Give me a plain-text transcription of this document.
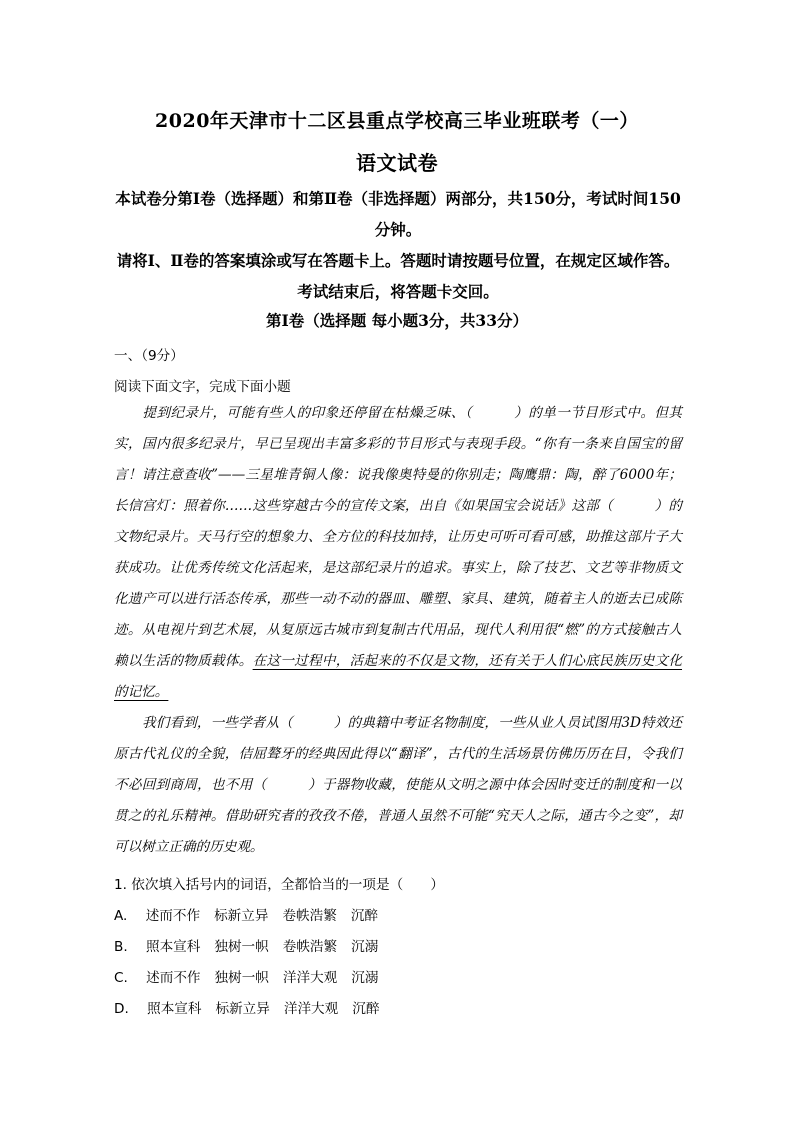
2020年天津市十二区县重点学校高三毕业班联考（一）
语文试卷
本试卷分第Ⅰ卷（选择题）和第Ⅱ卷（非选择题）两部分，共150分，考试时间150分钟。
请将Ⅰ、Ⅱ卷的答案填涂或写在答题卡上。答题时请按题号位置，在规定区域作答。考试结束后，将答题卡交回。
第Ⅰ卷（选择题 每小题3分，共33分）
一、（9分）
阅读下面文字，完成下面小题
提到纪录片，可能有些人的印象还停留在枯燥乏味、（　　　）的单一节目形式中。但其实，国内很多纪录片，早已呈现出丰富多彩的节目形式与表现手段。“你有一条来自国宝的留言！请注意查收”——三星堆青铜人像：说我像奥特曼的你别走；陶鹰鼎：陶，醉了6000年；长信宫灯：照着你……这些穿越古今的宣传文案，出自《如果国宝会说话》这部（　　　）的文物纪录片。天马行空的想象力、全方位的科技加持，让历史可听可看可感，助推这部片子大获成功。让优秀传统文化活起来，是这部纪录片的追求。事实上，除了技艺、文艺等非物质文化遗产可以进行活态传承，那些一动不动的器皿、雕塑、家具、建筑，随着主人的逝去已成陈迹。从电视片到艺术展，从复原远古城市到复制古代用品，现代人利用很“燃”的方式接触古人赖以生活的物质载体。在这一过程中，活起来的不仅是文物，还有关于人们心底民族历史文化的记忆。
我们看到，一些学者从（　　　）的典籍中考证名物制度，一些从业人员试图用3D特效还原古代礼仪的全貌，佶屈聱牙的经典因此得以“翻译”，古代的生活场景仿佛历历在目，令我们不必回到商周，也不用（　　　）于器物收藏，使能从文明之源中体会因时变迁的制度和一以贯之的礼乐精神。借助研究者的孜孜不倦，普通人虽然不可能“究天人之际，通古今之变”，却可以树立正确的历史观。
1. 依次填入括号内的词语，全都恰当的一项是（　　）
A. 述而不作 标新立异 卷帙浩繁 沉醉
B. 照本宣科 独树一帜 卷帙浩繁 沉溺
C. 述而不作 独树一帜 洋洋大观 沉溺
D. 照本宣科 标新立异 洋洋大观 沉醉
